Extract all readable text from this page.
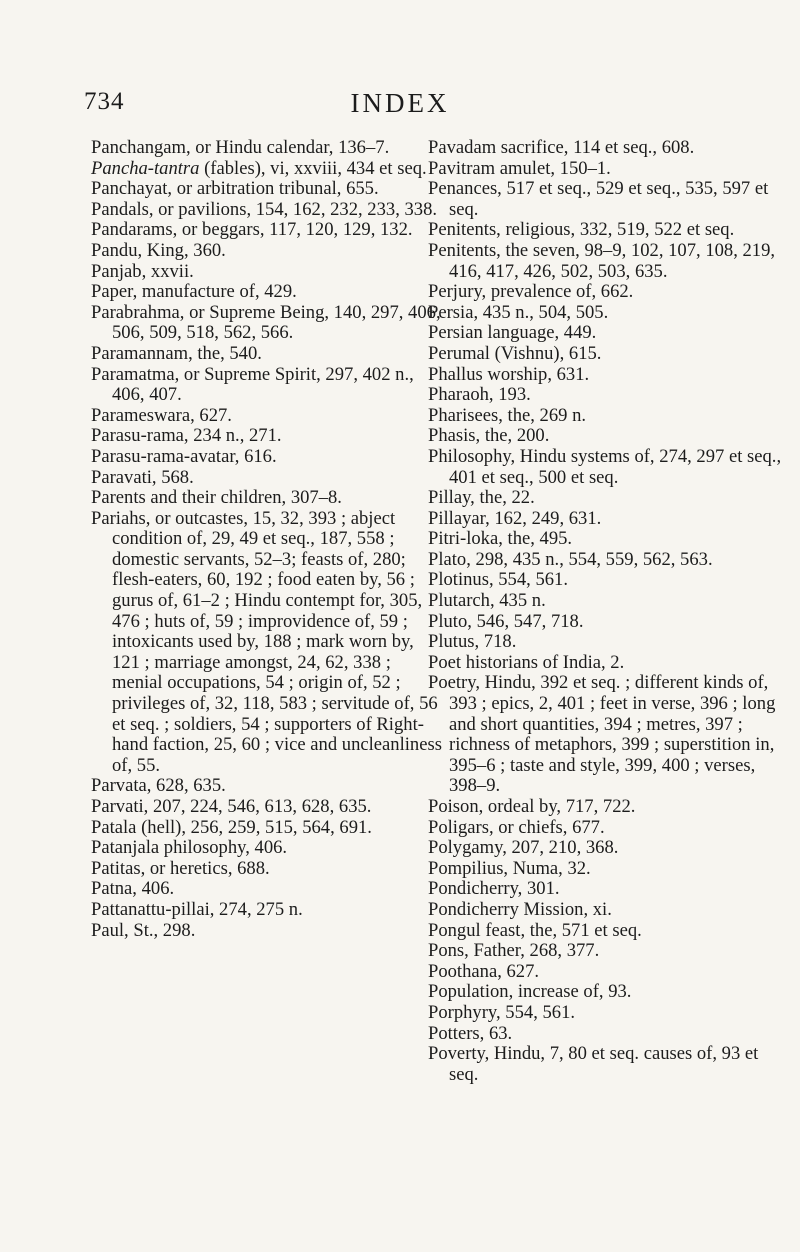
734	INDEX

Panchangam, or Hindu calendar, 136–7.

Pancha-tantra (fables), vi, xxviii, 434 et seq.

Panchayat, or arbitration tribunal, 655.

Pandals, or pavilions, 154, 162, 232, 233, 338.

Pandarams, or beggars, 117, 120, 129, 132.

Pandu, King, 360.

Panjab, xxvii.

Paper, manufacture of, 429.

Parabrahma, or Supreme Being, 140, 297, 406, 506, 509, 518, 562, 566.

Paramannam, the, 540.

Paramatma, or Supreme Spirit, 297, 402 n., 406, 407.

Parameswara, 627.

Parasu-rama, 234 n., 271.

Parasu-rama-avatar, 616.

Paravati, 568.

Parents and their children, 307–8.

Pariahs, or outcastes, 15, 32, 393 ; abject condition of, 29, 49 et seq., 187, 558 ; domestic servants, 52–3; feasts of, 280; flesh-eaters, 60, 192 ; food eaten by, 56 ; gurus of, 61–2 ; Hindu contempt for, 305, 476 ; huts of, 59 ; improvidence of, 59 ; intoxicants used by, 188 ; mark worn by, 121 ; marriage amongst, 24, 62, 338 ; menial occupations, 54 ; origin of, 52 ; privileges of, 32, 118, 583 ; servitude of, 56 et seq. ; soldiers, 54 ; supporters of Right-hand faction, 25, 60 ; vice and uncleanliness of, 55.

Parvata, 628, 635.

Parvati, 207, 224, 546, 613, 628, 635.

Patala (hell), 256, 259, 515, 564, 691.

Patanjala philosophy, 406.

Patitas, or heretics, 688.

Patna, 406.

Pattanattu-pillai, 274, 275 n.

Paul, St., 298.

Pavadam sacrifice, 114 et seq., 608.

Pavitram amulet, 150–1.

Penances, 517 et seq., 529 et seq., 535, 597 et seq.

Penitents, religious, 332, 519, 522 et seq.

Penitents, the seven, 98–9, 102, 107, 108, 219, 416, 417, 426, 502, 503, 635.

Perjury, prevalence of, 662.

Persia, 435 n., 504, 505.

Persian language, 449.

Perumal (Vishnu), 615.

Phallus worship, 631.

Pharaoh, 193.

Pharisees, the, 269 n.

Phasis, the, 200.

Philosophy, Hindu systems of, 274, 297 et seq., 401 et seq., 500 et seq.

Pillay, the, 22.

Pillayar, 162, 249, 631.

Pitri-loka, the, 495.

Plato, 298, 435 n., 554, 559, 562, 563.

Plotinus, 554, 561.

Plutarch, 435 n.

Pluto, 546, 547, 718.

Plutus, 718.

Poet historians of India, 2.

Poetry, Hindu, 392 et seq. ; different kinds of, 393 ; epics, 2, 401 ; feet in verse, 396 ; long and short quantities, 394 ; metres, 397 ; richness of metaphors, 399 ; superstition in, 395–6 ; taste and style, 399, 400 ; verses, 398–9.

Poison, ordeal by, 717, 722.

Poligars, or chiefs, 677.

Polygamy, 207, 210, 368.

Pompilius, Numa, 32.

Pondicherry, 301.

Pondicherry Mission, xi.

Pongul feast, the, 571 et seq.

Pons, Father, 268, 377.

Poothana, 627.

Population, increase of, 93.

Porphyry, 554, 561.

Potters, 63.

Poverty, Hindu, 7, 80 et seq. causes of, 93 et seq.
